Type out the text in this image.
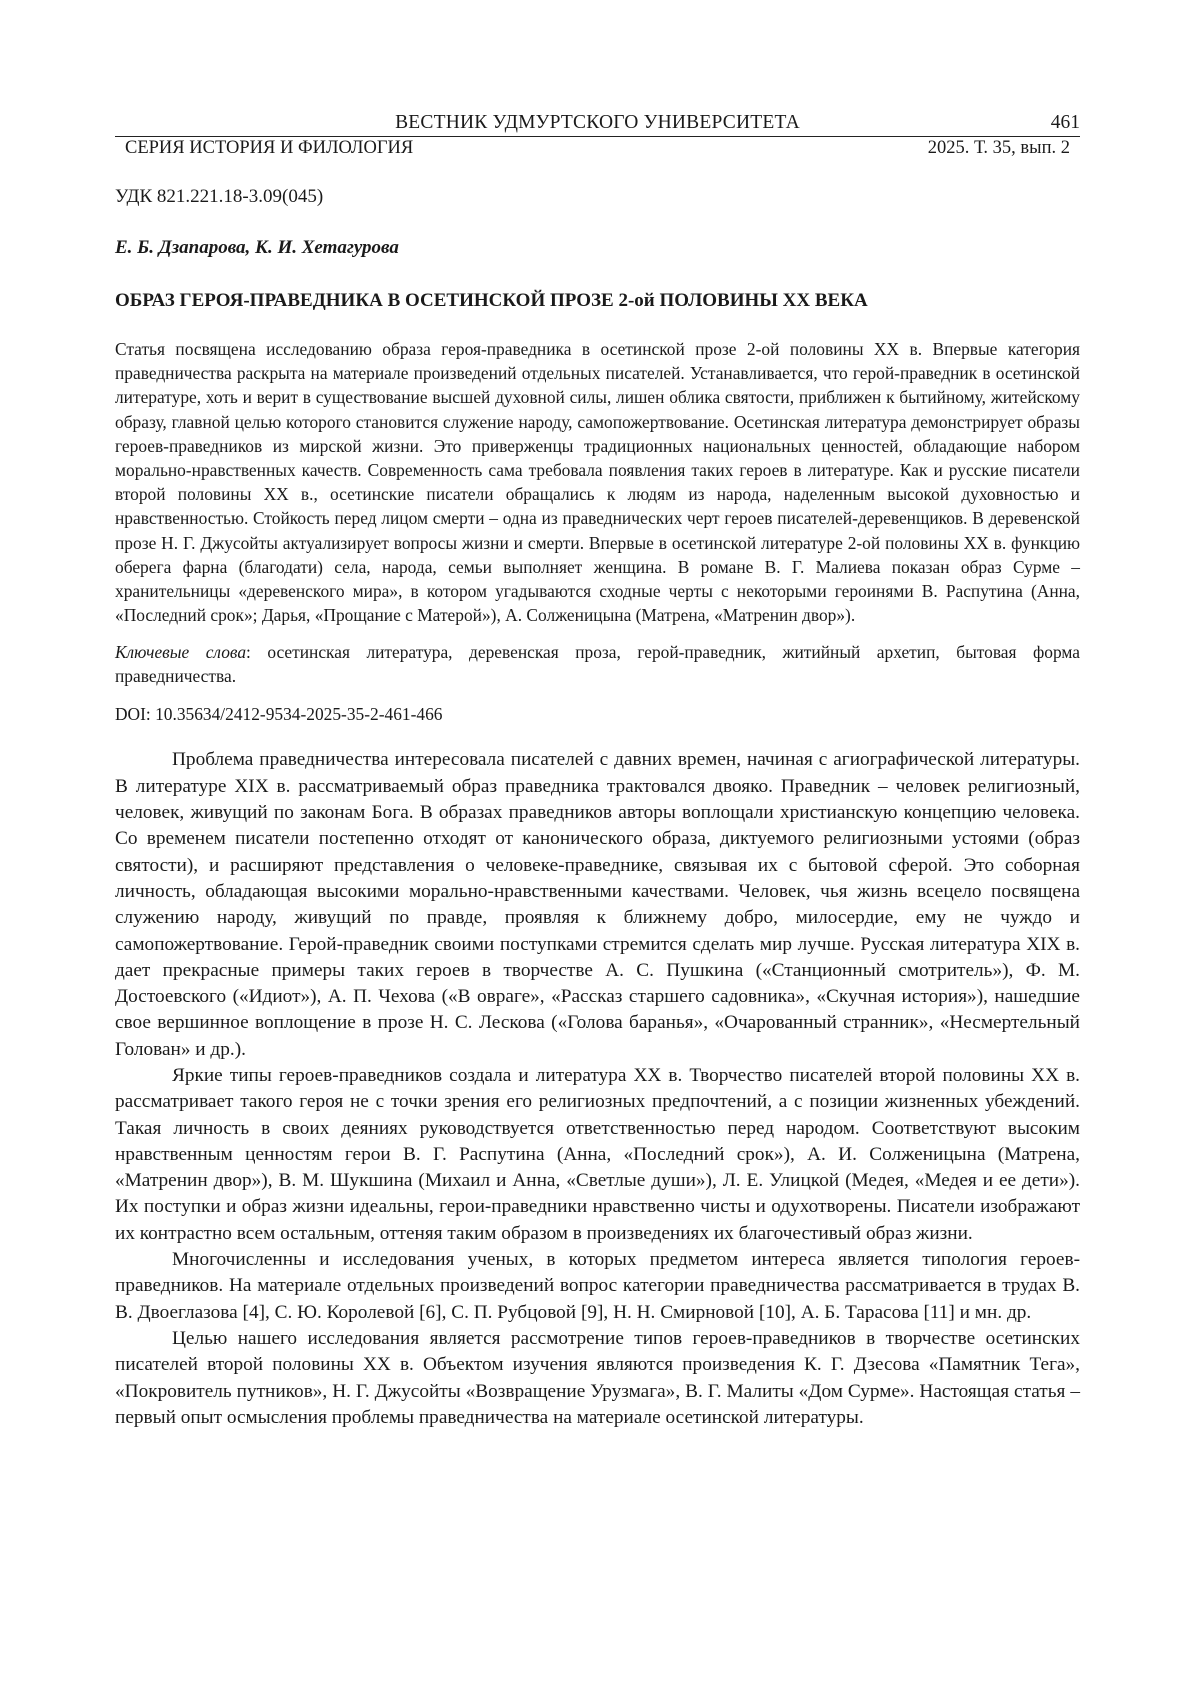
ВЕСТНИК УДМУРТСКОГО УНИВЕРСИТЕТА	461
СЕРИЯ ИСТОРИЯ И ФИЛОЛОГИЯ	2025. Т. 35, вып. 2
УДК 821.221.18-3.09(045)
Е. Б. Дзапарова, К. И. Хетагурова
ОБРАЗ ГЕРОЯ-ПРАВЕДНИКА В ОСЕТИНСКОЙ ПРОЗЕ 2-ой ПОЛОВИНЫ XX ВЕКА
Статья посвящена исследованию образа героя-праведника в осетинской прозе 2-ой половины XX в. Впервые категория праведничества раскрыта на материале произведений отдельных писателей. Устанавливается, что герой-праведник в осетинской литературе, хоть и верит в существование высшей духовной силы, лишен облика святости, приближен к бытийному, житейскому образу, главной целью которого становится служение народу, самопожертвование. Осетинская литература демонстрирует образы героев-праведников из мирской жизни. Это приверженцы традиционных национальных ценностей, обладающие набором морально-нравственных качеств. Современность сама требовала появления таких героев в литературе. Как и русские писатели второй половины XX в., осетинские писатели обращались к людям из народа, наделенным высокой духовностью и нравственностью. Стойкость перед лицом смерти – одна из праведнических черт героев писателей-деревенщиков. В деревенской прозе Н. Г. Джусойты актуализирует вопросы жизни и смерти. Впервые в осетинской литературе 2-ой половины XX в. функцию оберега фарна (благодати) села, народа, семьи выполняет женщина. В романе В. Г. Малиева показан образ Сурме – хранительницы «деревенского мира», в котором угадываются сходные черты с некоторыми героинями В. Распутина (Анна, «Последний срок»; Дарья, «Прощание с Матерой»), А. Солженицына (Матрена, «Матренин двор»).
Ключевые слова: осетинская литература, деревенская проза, герой-праведник, житийный архетип, бытовая форма праведничества.
DOI: 10.35634/2412-9534-2025-35-2-461-466

Проблема праведничества интересовала писателей с давних времен, начиная с агиографической литературы. В литературе XIX в. рассматриваемый образ праведника трактовался двояко. Праведник – человек религиозный, человек, живущий по законам Бога. В образах праведников авторы воплощали христианскую концепцию человека. Со временем писатели постепенно отходят от канонического образа, диктуемого религиозными устоями (образ святости), и расширяют представления о человеке-праведнике, связывая их с бытовой сферой. Это соборная личность, обладающая высокими морально-нравственными качествами. Человек, чья жизнь всецело посвящена служению народу, живущий по правде, проявляя к ближнему добро, милосердие, ему не чуждо и самопожертвование. Герой-праведник своими поступками стремится сделать мир лучше. Русская литература XIX в. дает прекрасные примеры таких героев в творчестве А. С. Пушкина («Станционный смотритель»), Ф. М. Достоевского («Идиот»), А. П. Чехова («В овраге», «Рассказ старшего садовника», «Скучная история»), нашедшие свое вершинное воплощение в прозе Н. С. Лескова («Голова баранья», «Очарованный странник», «Несмертельный Голован» и др.).

Яркие типы героев-праведников создала и литература XX в. Творчество писателей второй половины XX в. рассматривает такого героя не с точки зрения его религиозных предпочтений, а с позиции жизненных убеждений. Такая личность в своих деяниях руководствуется ответственностью перед народом. Соответствуют высоким нравственным ценностям герои В. Г. Распутина (Анна, «Последний срок»), А. И. Солженицына (Матрена, «Матренин двор»), В. М. Шукшина (Михаил и Анна, «Светлые души»), Л. Е. Улицкой (Медея, «Медея и ее дети»). Их поступки и образ жизни идеальны, герои-праведники нравственно чисты и одухотворены. Писатели изображают их контрастно всем остальным, оттеняя таким образом в произведениях их благочестивый образ жизни.

Многочисленны и исследования ученых, в которых предметом интереса является типология героев-праведников. На материале отдельных произведений вопрос категории праведничества рассматривается в трудах В. В. Двоеглазова [4], С. Ю. Королевой [6], С. П. Рубцовой [9], Н. Н. Смирновой [10], А. Б. Тарасова [11] и мн. др.

Целью нашего исследования является рассмотрение типов героев-праведников в творчестве осетинских писателей второй половины XX в. Объектом изучения являются произведения К. Г. Дзесова «Памятник Тега», «Покровитель путников», Н. Г. Джусойты «Возвращение Урузмага», В. Г. Малиты «Дом Сурме». Настоящая статья – первый опыт осмысления проблемы праведничества на материале осетинской литературы.
